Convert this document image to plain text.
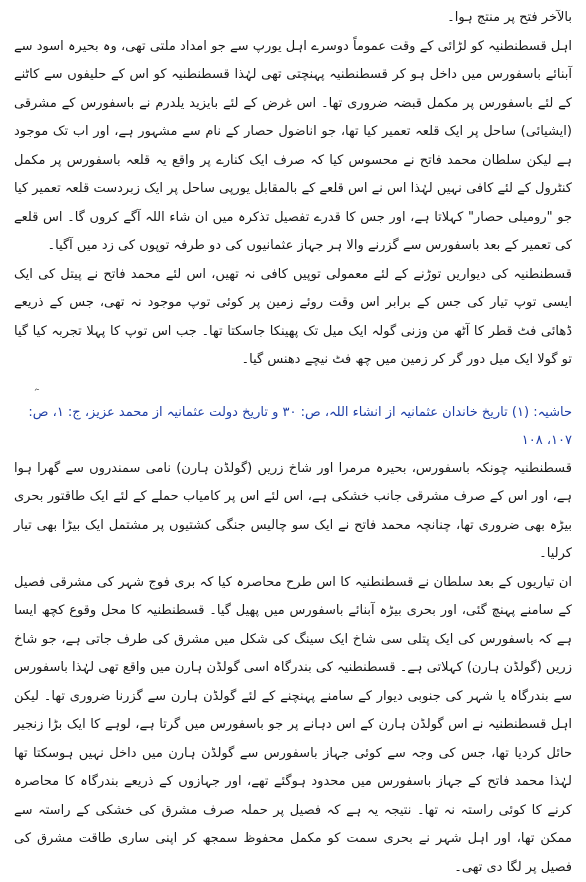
بالآخر فتح پر منتج ہوا۔

اہل قسطنطنیہ کو لڑائی کے وقت عموماً دوسرے اہل یورپ سے جو امداد ملتی تھی، وہ بحیرہ اسود سے آبنائے باسفورس میں داخل ہو کر قسطنطنیہ پہنچتی تھی لہٰذا قسطنطنیہ کو اس کے حلیفوں سے کاٹنے کے لئے باسفورس پر مکمل قبضہ ضروری تھا۔ اس غرض کے لئے بایزید یلدرم نے باسفورس کے مشرقی (ایشیائی) ساحل پر ایک قلعہ تعمیر کیا تھا، جو اناضول حصار کے نام سے مشہور ہے، اور اب تک موجود ہے لیکن سلطان محمد فاتح نے محسوس کیا کہ صرف ایک کنارے پر واقع یہ قلعہ باسفورس پر مکمل کنٹرول کے لئے کافی نہیں لہٰذا اس نے اس قلعے کے بالمقابل یورپی ساحل پر ایک زبردست قلعہ تعمیر کیا جو "رومیلی حصار" کہلاتا ہے، اور جس کا قدرے تفصیل تذکرہ میں ان شاء اللہ آگے کروں گا۔ اس قلعے کی تعمیر کے بعد باسفورس سے گزرنے والا ہر جہاز عثمانیوں کی دو طرفہ توپوں کی زد میں آگیا۔

قسطنطنیہ کی دیواریں توڑنے کے لئے معمولی توپیں کافی نہ تھیں، اس لئے محمد فاتح نے پیتل کی ایک ایسی توپ تیار کی جس کے برابر اس وقت روئے زمین پر کوئی توپ موجود نہ تھی، جس کے ذریعے ڈھائی فٹ قطر کا آٹھ من وزنی گولہ ایک میل تک پھینکا جاسکتا تھا۔ جب اس توپ کا پہلا تجربہ کیا گیا تو گولا ایک میل دور گر کر زمین میں چھ فٹ نیچے دھنس گیا۔

ﮧ

حاشیہ: (۱) تاریخ خاندان عثمانیہ از انشاء اللہ، ص: ۳۰ و تاریخ دولت عثمانیہ از محمد عزیز، ج: ۱، ص: ۱۰۷، ۱۰۸

قسطنطنیہ چونکہ باسفورس، بحیرہ مرمرا اور شاخ زریں (گولڈن ہارن) نامی سمندروں سے گھرا ہوا ہے، اور اس کے صرف مشرقی جانب خشکی ہے، اس لئے اس پر کامیاب حملے کے لئے ایک طاقتور بحری بیڑہ بھی ضروری تھا، چنانچہ محمد فاتح نے ایک سو چالیس جنگی کشتیوں پر مشتمل ایک بیڑا بھی تیار کرلیا۔

ان تیاریوں کے بعد سلطان نے قسطنطنیہ کا اس طرح محاصرہ کیا کہ بری فوج شہر کی مشرقی فصیل کے سامنے پہنچ گئی، اور بحری بیڑہ آبنائے باسفورس میں پھیل گیا۔ قسطنطنیہ کا محل وقوع کچھ ایسا ہے کہ باسفورس کی ایک پتلی سی شاخ ایک سینگ کی شکل میں مشرق کی طرف جاتی ہے، جو شاخ زریں (گولڈن ہارن) کہلاتی ہے۔ قسطنطنیہ کی بندرگاہ اسی گولڈن ہارن میں واقع تھی لہٰذا باسفورس سے بندرگاہ یا شہر کی جنوبی دیوار کے سامنے پہنچنے کے لئے گولڈن ہارن سے گزرنا ضروری تھا۔ لیکن اہل قسطنطنیہ نے اس گولڈن ہارن کے اس دہانے پر جو باسفورس میں گرتا ہے، لوہے کا ایک بڑا زنجیر حائل کردیا تھا، جس کی وجہ سے کوئی جہاز باسفورس سے گولڈن ہارن میں داخل نہیں ہوسکتا تھا لہٰذا محمد فاتح کے جہاز باسفورس میں محدود ہوگئے تھے، اور جہازوں کے ذریعے بندرگاہ کا محاصرہ کرنے کا کوئی راستہ نہ تھا۔ نتیجہ یہ ہے کہ فصیل پر حملہ صرف مشرق کی خشکی کے راستہ سے ممکن تھا، اور اہل شہر نے بحری سمت کو مکمل محفوظ سمجھ کر اپنی ساری طاقت مشرق کی فصیل پر لگا دی تھی۔
